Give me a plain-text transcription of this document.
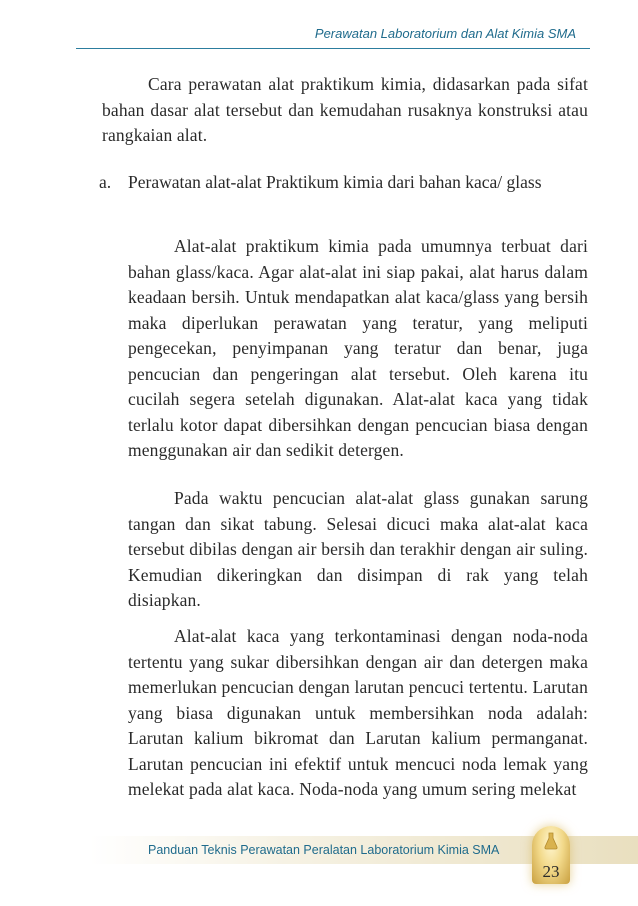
Perawatan Laboratorium dan Alat Kimia SMA

Cara perawatan alat praktikum kimia, didasarkan pada sifat bahan dasar alat tersebut dan kemudahan rusaknya konstruksi atau rangkaian alat.

a. Perawatan alat-alat Praktikum kimia dari bahan kaca/ glass

Alat-alat praktikum kimia pada umumnya terbuat dari bahan glass/kaca. Agar alat-alat ini siap pakai, alat harus dalam keadaan bersih. Untuk mendapatkan alat kaca/glass yang bersih maka diperlukan perawatan yang teratur, yang meliputi pengecekan, penyimpanan yang teratur dan benar, juga pencucian dan pengeringan alat tersebut. Oleh karena itu cucilah segera setelah digunakan. Alat-alat kaca yang tidak terlalu kotor dapat dibersihkan dengan pencucian biasa dengan menggunakan air dan sedikit detergen.

Pada waktu pencucian alat-alat glass gunakan sarung tangan dan sikat tabung. Selesai dicuci maka alat-alat kaca tersebut dibilas dengan air bersih dan terakhir dengan air suling. Kemudian dikeringkan dan disimpan di rak yang telah disiapkan.

Alat-alat kaca yang terkontaminasi dengan noda-noda tertentu yang sukar dibersihkan dengan air dan detergen maka memerlukan pencucian dengan larutan pencuci tertentu. Larutan yang biasa digunakan untuk membersihkan noda adalah: Larutan kalium bikromat dan Larutan kalium permanganat. Larutan pencucian ini efektif untuk mencuci noda lemak yang melekat pada alat kaca. Noda-noda yang umum sering melekat

Panduan Teknis Perawatan Peralatan Laboratorium Kimia SMA
23
